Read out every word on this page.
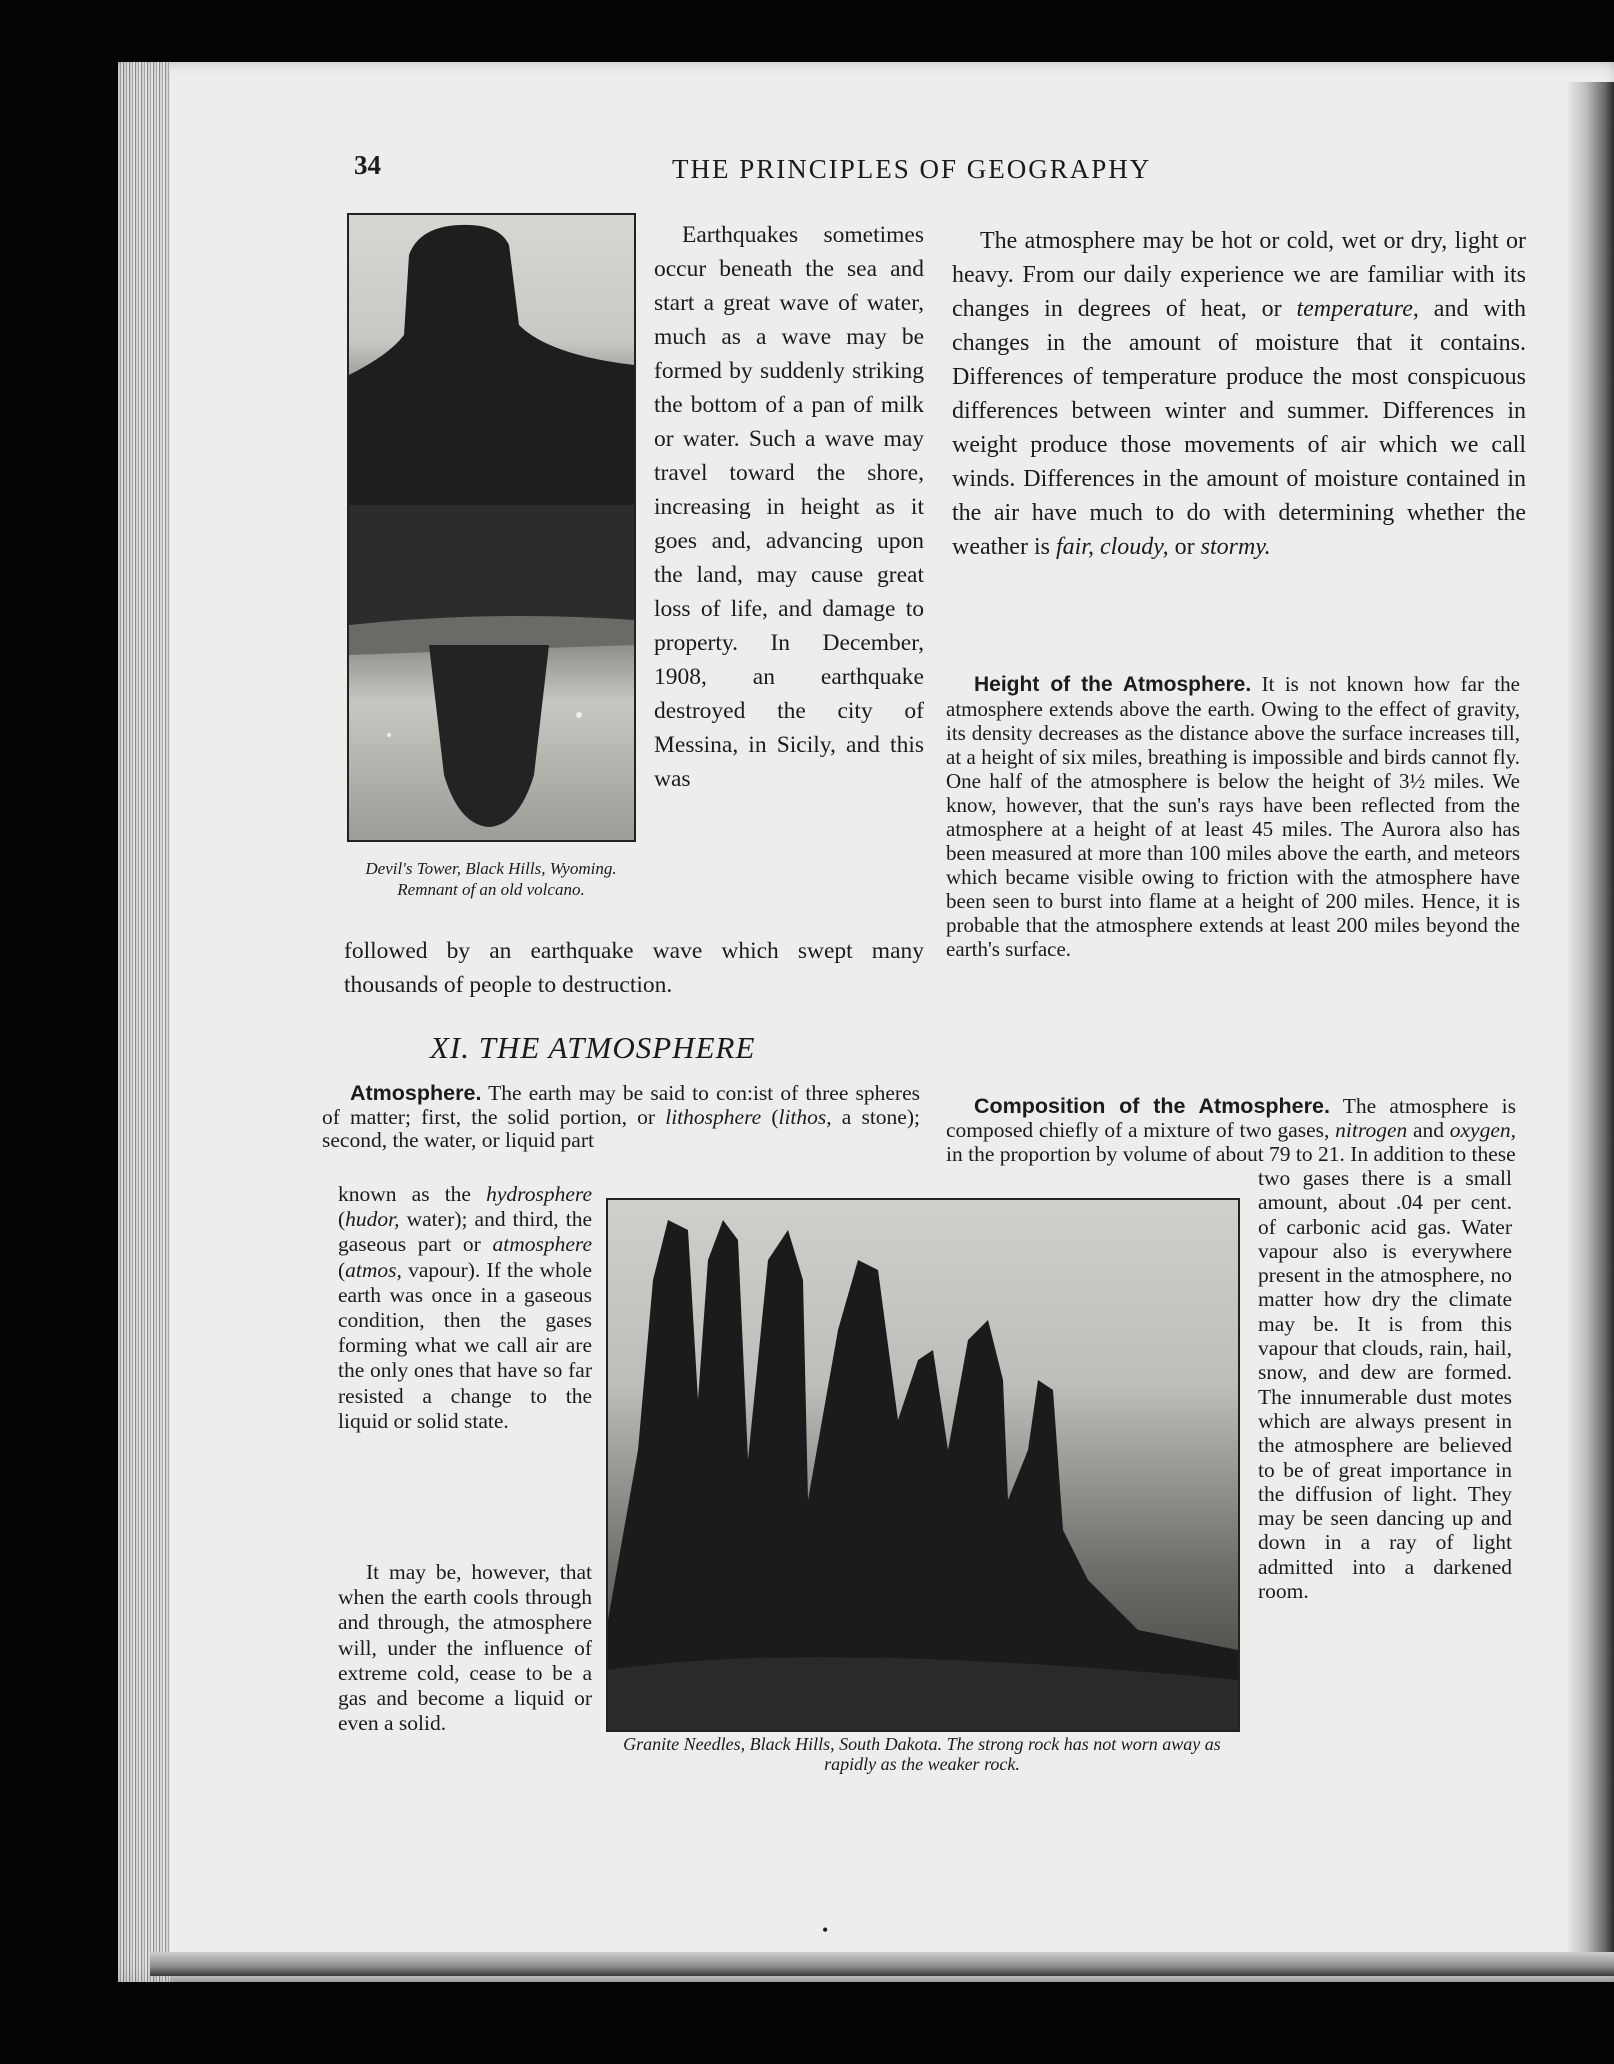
34	THE PRINCIPLES OF GEOGRAPHY
Devil's Tower, Black Hills, Wyoming. Remnant of an old volcano.

Earthquakes sometimes occur beneath the sea and start a great wave of water, much as a wave may be formed by suddenly striking the bottom of a pan of milk or water. Such a wave may travel toward the shore, increasing in height as it goes and, advancing upon the land, may cause great loss of life, and damage to property. In December, 1908, an earthquake destroyed the city of Messina, in Sicily, and this was

followed by an earthquake wave which swept many thousands of people to destruction.

XI. THE ATMOSPHERE

Atmosphere. The earth may be said to con:ist of three spheres of matter; first, the solid portion, or lithosphere (lithos, a stone); second, the water, or liquid part

known as the hydrosphere (hudor, water); and third, the gaseous part or atmosphere (atmos, vapour). If the whole earth was once in a gaseous condition, then the gases forming what we call air are the only ones that have so far resisted a change to the liquid or solid state.

It may be, however, that when the earth cools through and through, the atmosphere will, under the influence of extreme cold, cease to be a gas and become a liquid or even a solid.

Granite Needles, Black Hills, South Dakota. The strong rock has not worn away as rapidly as the weaker rock.

The atmosphere may be hot or cold, wet or dry, light or heavy. From our daily experience we are familiar with its changes in degrees of heat, or temperature, and with changes in the amount of moisture that it contains. Differences of temperature produce the most conspicuous differences between winter and summer. Differences in weight produce those movements of air which we call winds. Differences in the amount of moisture contained in the air have much to do with determining whether the weather is fair, cloudy, or stormy.

Height of the Atmosphere. It is not known how far the atmosphere extends above the earth. Owing to the effect of gravity, its density decreases as the distance above the surface increases till, at a height of six miles, breathing is impossible and birds cannot fly. One half of the atmosphere is below the height of 3½ miles. We know, however, that the sun's rays have been reflected from the atmosphere at a height of at least 45 miles. The Aurora also has been measured at more than 100 miles above the earth, and meteors which became visible owing to friction with the atmosphere have been seen to burst into flame at a height of 200 miles. Hence, it is probable that the atmosphere extends at least 200 miles beyond the earth's surface.

Composition of the Atmosphere. The atmosphere is composed chiefly of a mixture of two gases, nitrogen and oxygen, in the proportion by volume of about 79 to 21. In addition to these

two gases there is a small amount, about .04 per cent. of carbonic acid gas. Water vapour also is everywhere present in the atmosphere, no matter how dry the climate may be. It is from this vapour that clouds, rain, hail, snow, and dew are formed. The innumerable dust motes which are always present in the atmosphere are believed to be of great importance in the diffusion of light. They may be seen dancing up and down in a ray of light admitted into a darkened room.

•
